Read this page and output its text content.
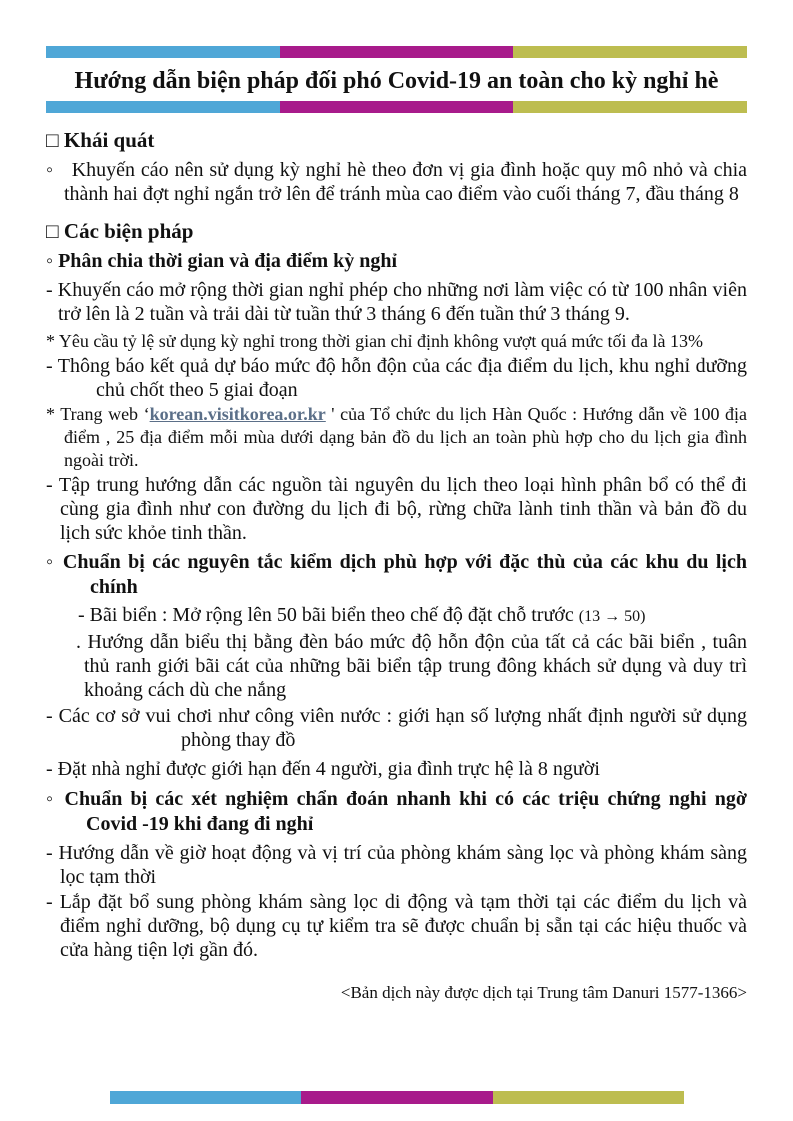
Hướng dẫn biện pháp đối phó Covid-19 an toàn cho kỳ nghỉ hè
□ Khái quát
◦   Khuyến cáo nên sử dụng kỳ nghỉ hè theo đơn vị gia đình hoặc quy mô nhỏ và chia thành hai đợt nghỉ ngắn trở lên để tránh mùa cao điểm vào cuối tháng 7, đầu tháng 8
□ Các biện pháp
◦ Phân chia thời gian và địa điểm kỳ nghỉ
- Khuyến cáo mở rộng thời gian nghỉ phép cho những nơi làm việc có từ 100 nhân viên trở lên là 2 tuần và trải dài từ tuần thứ 3 tháng 6 đến tuần thứ 3 tháng 9.
* Yêu cầu tỷ lệ sử dụng kỳ nghỉ trong thời gian chỉ định không vượt quá mức tối đa là 13%
- Thông báo kết quả dự báo mức độ hỗn độn của các địa điểm du lịch, khu nghỉ dưỡng chủ chốt theo 5 giai đoạn
* Trang web ‘korean.visitkorea.or.kr ' của Tổ chức du lịch Hàn Quốc : Hướng dẫn về 100 địa điểm , 25 địa điểm mỗi mùa dưới dạng bản đồ du lịch an toàn phù hợp cho du lịch gia đình ngoài trời.
- Tập trung hướng dẫn các nguồn tài nguyên du lịch theo loại hình phân bổ có thể đi cùng gia đình như con đường du lịch đi bộ, rừng chữa lành tinh thần và bản đồ du lịch sức khỏe tinh thần.
◦ Chuẩn bị các nguyên tắc kiểm dịch phù hợp với đặc thù của các khu du lịch chính
- Bãi biển : Mở rộng lên 50 bãi biển theo chế độ đặt chỗ trước (13 → 50)
. Hướng dẫn biểu thị bằng đèn báo mức độ hỗn độn của tất cả các bãi biển , tuân thủ ranh giới bãi cát của những bãi biển tập trung đông khách sử dụng và duy trì khoảng cách dù che nắng
- Các cơ sở vui chơi như công viên nước : giới hạn số lượng nhất định người sử dụng phòng thay đồ
- Đặt nhà nghỉ được giới hạn đến 4 người, gia đình trực hệ là 8 người
◦ Chuẩn bị các xét nghiệm chẩn đoán nhanh khi có các triệu chứng nghi ngờ Covid -19 khi đang đi nghỉ
- Hướng dẫn về giờ hoạt động và vị trí của phòng khám sàng lọc và phòng khám sàng lọc tạm thời
- Lắp đặt bổ sung phòng khám sàng lọc di động và tạm thời tại các điểm du lịch và điểm nghỉ dưỡng, bộ dụng cụ tự kiểm tra sẽ được chuẩn bị sẵn tại các hiệu thuốc và cửa hàng tiện lợi gần đó.
<Bản dịch này được dịch tại Trung tâm Danuri 1577-1366>
